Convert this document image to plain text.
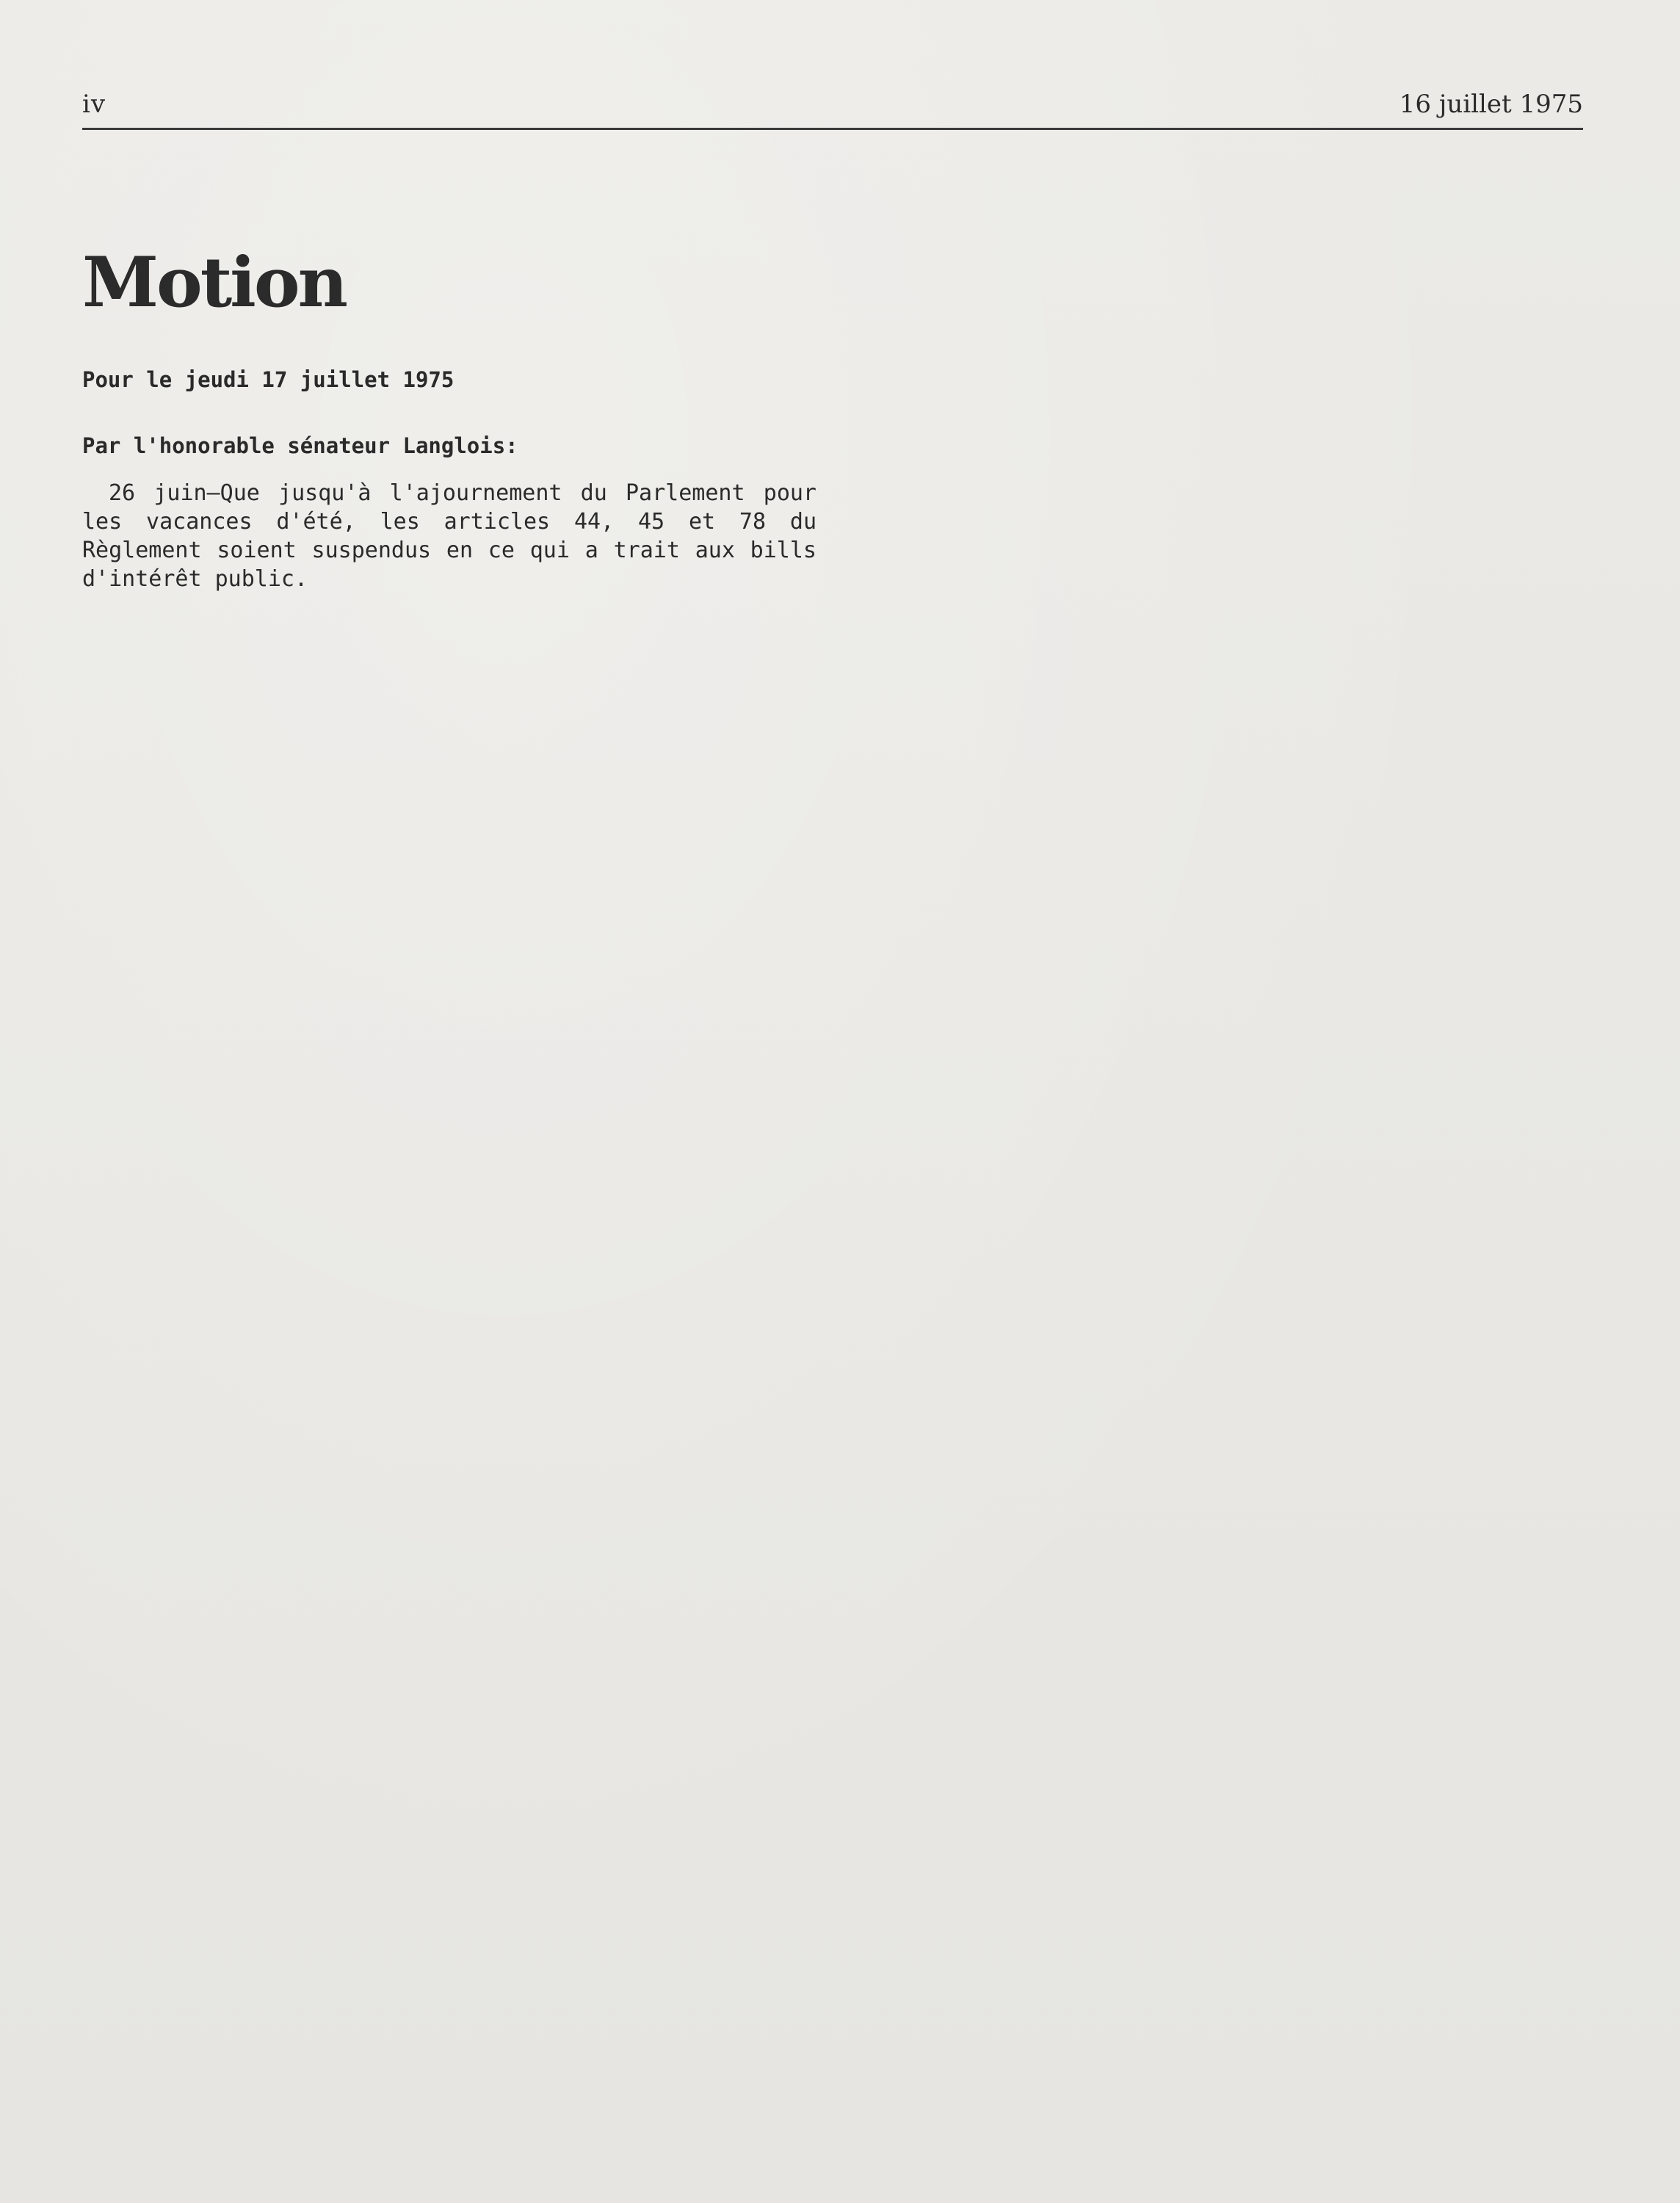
iv	16 juillet 1975
Motion
Pour le jeudi 17 juillet 1975
Par l'honorable sénateur Langlois:

26 juin—Que jusqu'à l'ajournement du Parlement pour les vacances d'été, les articles 44, 45 et 78 du Règlement soient suspendus en ce qui a trait aux bills d'intérêt public.
